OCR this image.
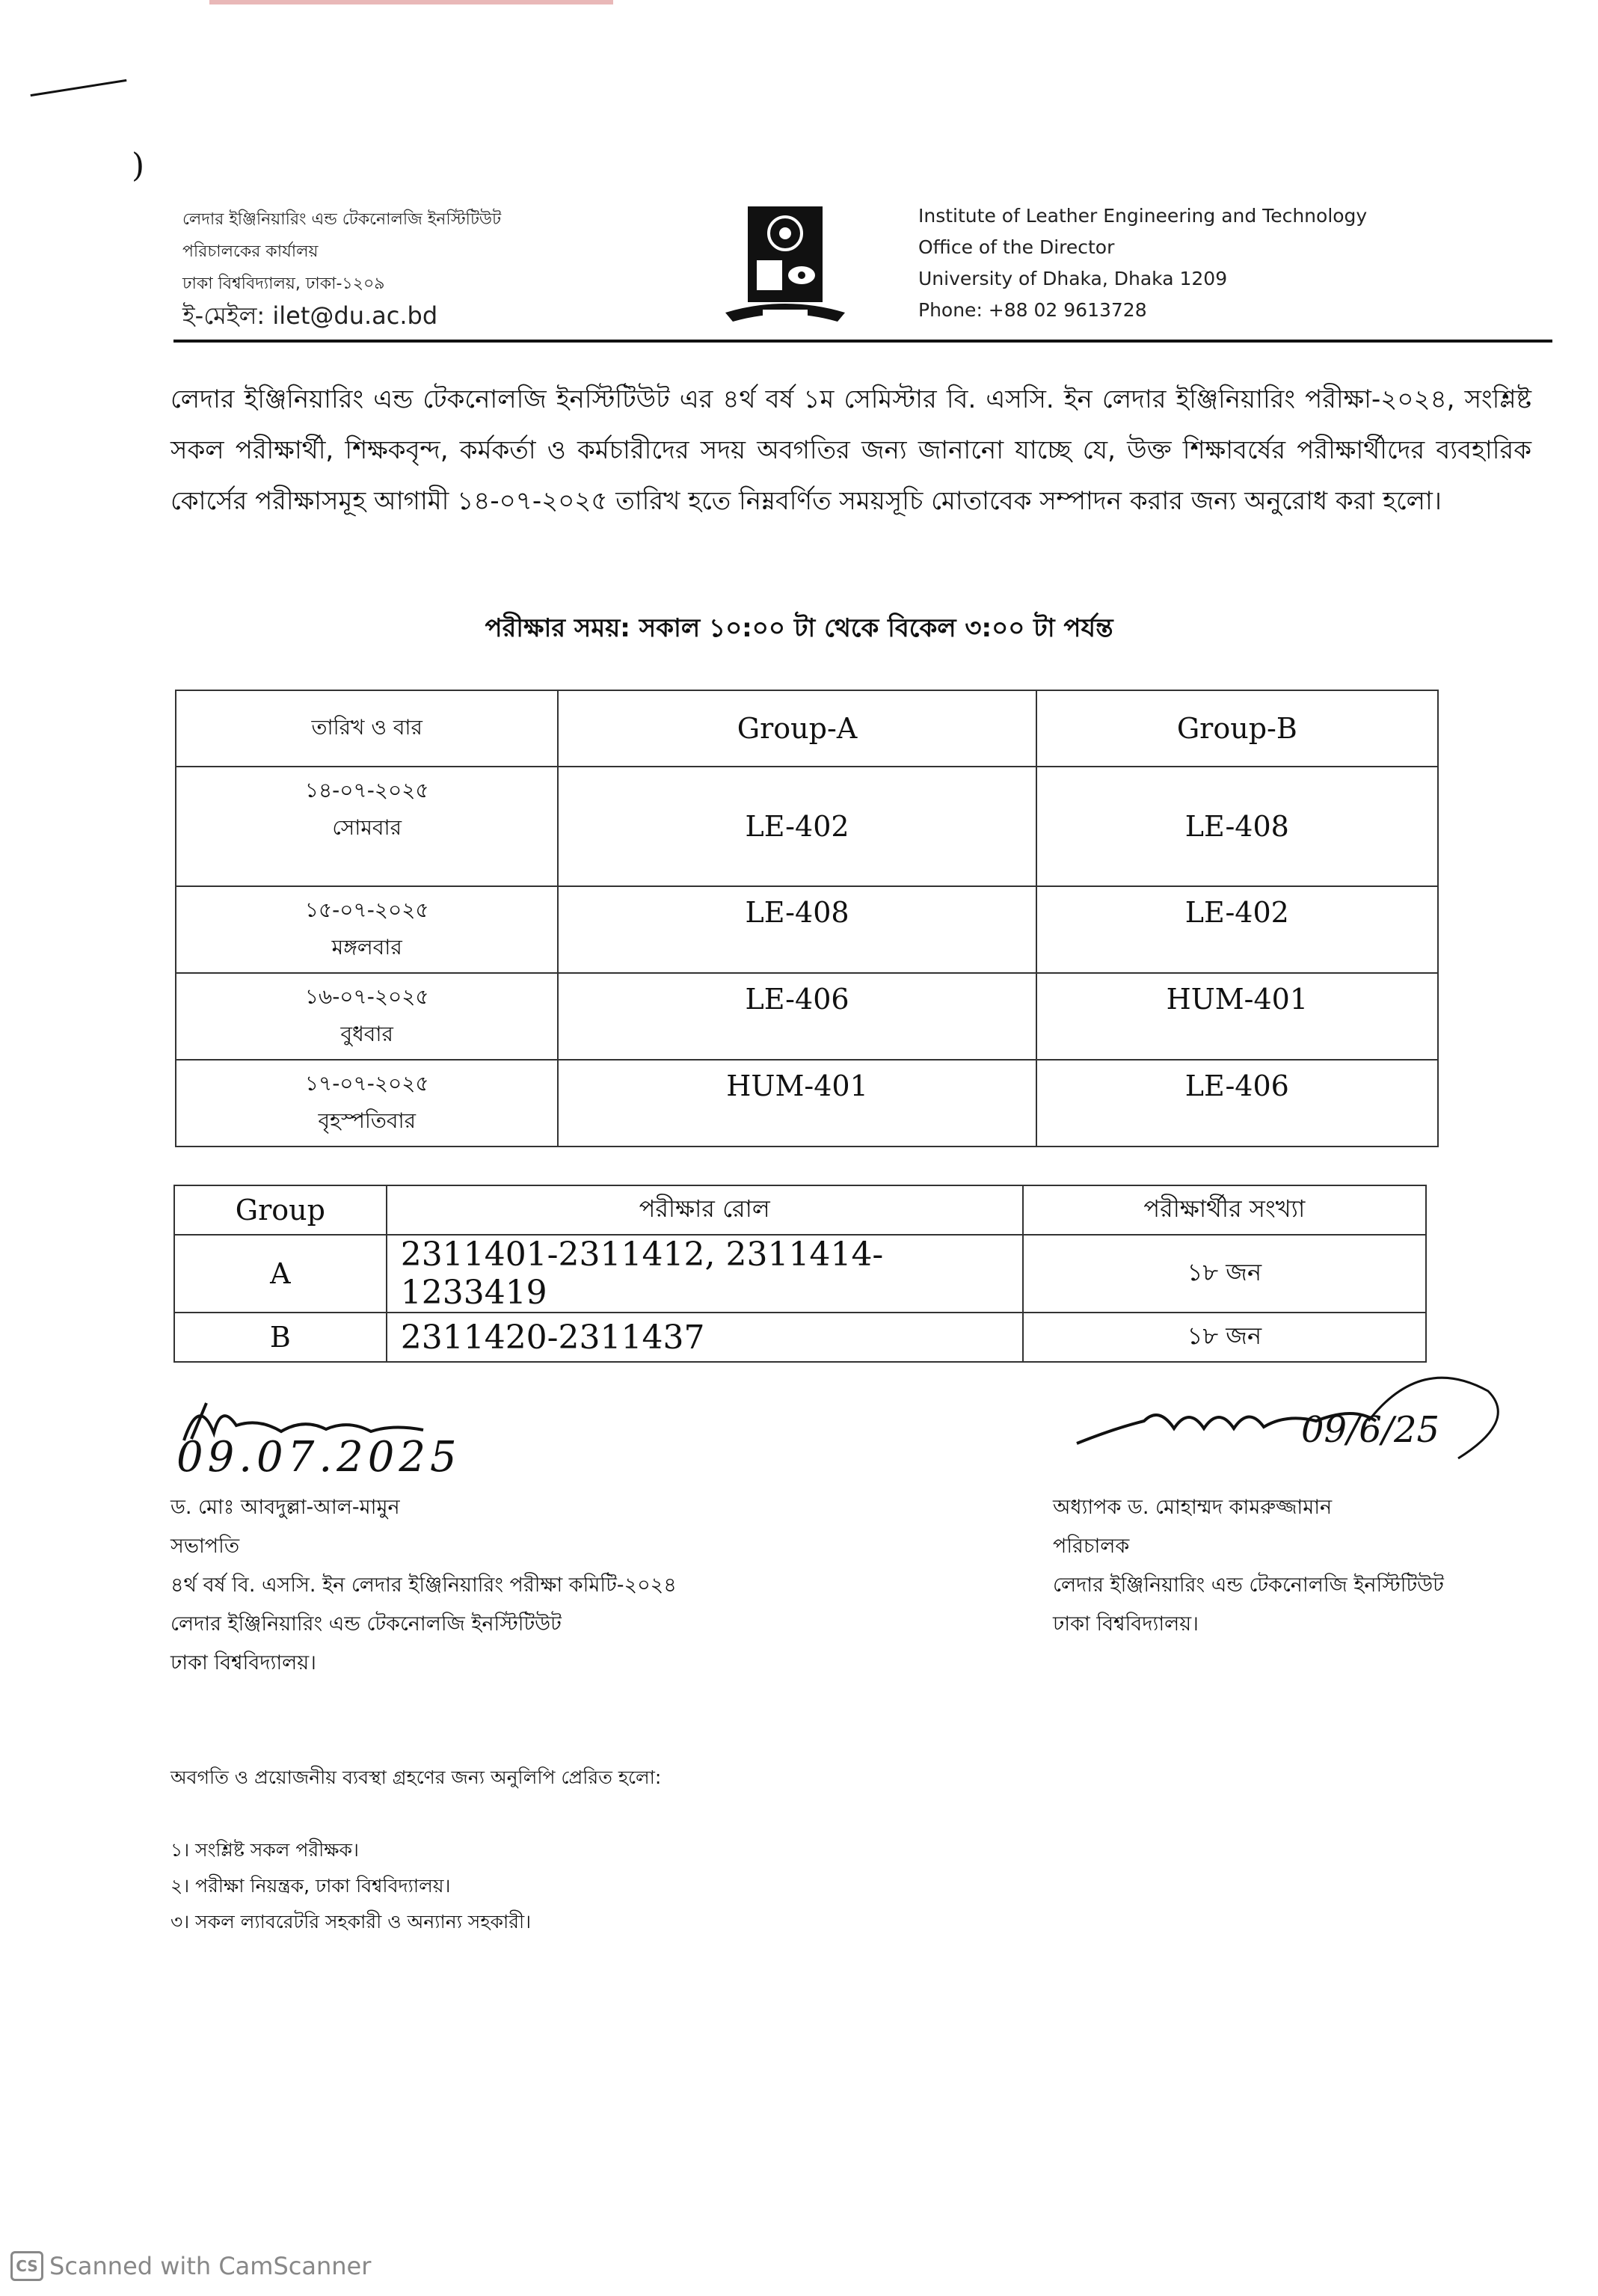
)
লেদার ইঞ্জিনিয়ারিং এন্ড টেকনোলজি ইনস্টিটিউট
পরিচালকের কার্যালয়
ঢাকা বিশ্ববিদ্যালয়, ঢাকা-১২০৯
ই-মেইল: ilet@du.ac.bd
Institute of Leather Engineering and Technology
Office of the Director
University of Dhaka, Dhaka 1209
Phone: +88 02 9613728
লেদার ইঞ্জিনিয়ারিং এন্ড টেকনোলজি ইনস্টিটিউট এর ৪র্থ বর্ষ ১ম সেমিস্টার বি. এসসি. ইন লেদার ইঞ্জিনিয়ারিং পরীক্ষা-২০২৪, সংশ্লিষ্ট সকল পরীক্ষার্থী, শিক্ষকবৃন্দ, কর্মকর্তা ও কর্মচারীদের সদয় অবগতির জন্য জানানো যাচ্ছে যে, উক্ত শিক্ষাবর্ষের পরীক্ষার্থীদের ব্যবহারিক কোর্সের পরীক্ষাসমূহ আগামী ১৪-০৭-২০২৫ তারিখ হতে নিম্নবর্ণিত সময়সূচি মোতাবেক সম্পাদন করার জন্য অনুরোধ করা হলো।
পরীক্ষার সময়: সকাল ১০:০০ টা থেকে বিকেল ৩:০০ টা পর্যন্ত
তারিখ ও বার	Group-A	Group-B

১৪-০৭-২০২৫
সোমবার	LE-402	LE-408

১৫-০৭-২০২৫
মঙ্গলবার	LE-408	LE-402

১৬-০৭-২০২৫
বুধবার	LE-406	HUM-401

১৭-০৭-২০২৫
বৃহস্পতিবার	HUM-401	LE-406
Group	পরীক্ষার রোল	পরীক্ষার্থীর সংখ্যা
A	2311401-2311412, 2311414-1233419	১৮ জন
B	2311420-2311437	১৮ জন
09.07.2025
09/6/25
ড. মোঃ আবদুল্লা-আল-মামুন
সভাপতি
৪র্থ বর্ষ বি. এসসি. ইন লেদার ইঞ্জিনিয়ারিং পরীক্ষা কমিটি-২০২৪
লেদার ইঞ্জিনিয়ারিং এন্ড টেকনোলজি ইনস্টিটিউট
ঢাকা বিশ্ববিদ্যালয়।
অধ্যাপক ড. মোহাম্মদ কামরুজ্জামান
পরিচালক
লেদার ইঞ্জিনিয়ারিং এন্ড টেকনোলজি ইনস্টিটিউট
ঢাকা বিশ্ববিদ্যালয়।
অবগতি ও প্রয়োজনীয় ব্যবস্থা গ্রহণের জন্য অনুলিপি প্রেরিত হলো:
১। সংশ্লিষ্ট সকল পরীক্ষক।
২। পরীক্ষা নিয়ন্ত্রক, ঢাকা বিশ্ববিদ্যালয়।
৩। সকল ল্যাবরেটরি সহকারী ও অন্যান্য সহকারী।
CS Scanned with CamScanner
